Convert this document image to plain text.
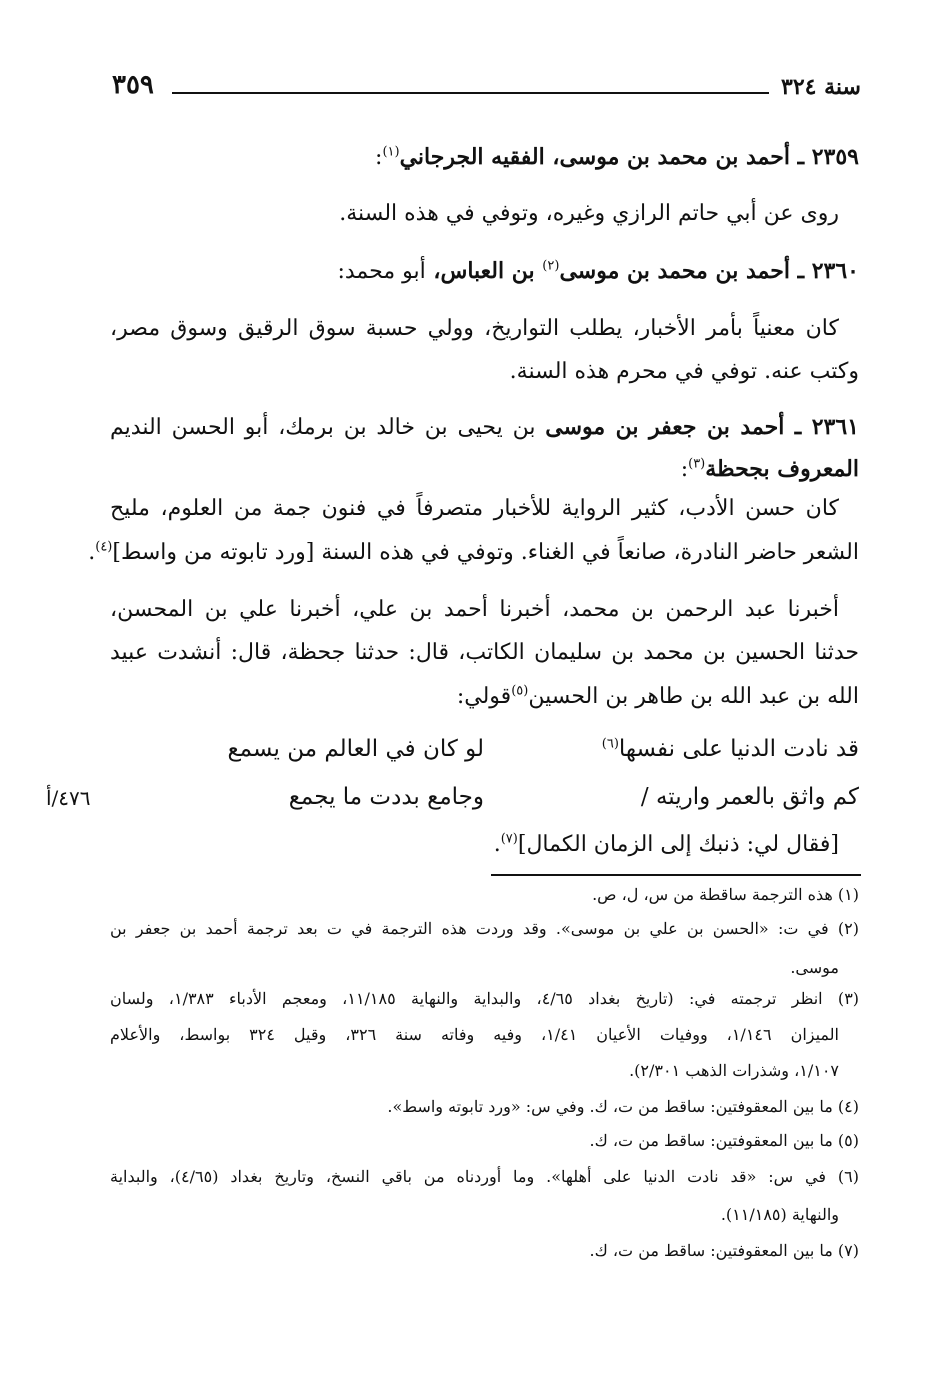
سنة ٣٢٤
٣٥٩
٢٣٥٩ ـ أحمد بن محمد بن موسى، الفقيه الجرجاني$^{(١)}$:
روى عن أبي حاتم الرازي وغيره، وتوفي في هذه السنة.
٢٣٦٠ ـ أحمد بن محمد بن موسى$^{(٢)}$ بن العباس، أبو محمد:
كان معنياً بأمر الأخبار، يطلب التواريخ، وولي حسبة سوق الرقيق وسوق مصر،
وكتب عنه. توفي في محرم هذه السنة.
٢٣٦١ ـ أحمد بن جعفر بن موسى بن يحيى بن خالد بن برمك، أبو الحسن النديم
المعروف بجحظة$^{(٣)}$:
كان حسن الأدب، كثير الرواية للأخبار متصرفاً في فنون جمة من العلوم، مليح
الشعر حاضر النادرة، صانعاً في الغناء. وتوفي في هذه السنة [ورد تابوته من واسط]$^{(٤)}$.
أخبرنا عبد الرحمن بن محمد، أخبرنا أحمد بن علي، أخبرنا علي بن المحسن،
حدثنا الحسين بن محمد بن سليمان الكاتب، قال: حدثنا جحظة، قال: أنشدت عبيد
الله بن عبد الله بن طاهر بن الحسين$^{(٥)}$قولي:
قد نادت الدنيا على نفسها$^{(٦)}$
لو كان في العالم من يسمع
كم واثق بالعمر واريته /
وجامع بددت ما يجمع
٤٧٦/أ
[فقال لي: ذنبك إلى الزمان الكمال]$^{(٧)}$.
(١) هذه الترجمة ساقطة من س، ل، ص.
(٢) في ت: «الحسن بن علي بن موسى». وقد وردت هذه الترجمة في ت بعد ترجمة أحمد بن جعفر بن
موسى.
(٣) انظر ترجمته في: (تاريخ بغداد ٤/٦٥، والبداية والنهاية ١١/١٨٥، ومعجم الأدباء ١/٣٨٣، ولسان
الميزان ١/١٤٦، ووفيات الأعيان ١/٤١، وفيه وفاته سنة ٣٢٦، وقيل ٣٢٤ بواسط، والأعلام
١/١٠٧، وشذرات الذهب ٢/٣٠١).
(٤) ما بين المعقوفتين: ساقط من ت، ك. وفي س: «ورد تابوته واسط».
(٥) ما بين المعقوفتين: ساقط من ت، ك.
(٦) في س: «قد نادت الدنيا على أهلها». وما أوردناه من باقي النسخ، وتاريخ بغداد (٤/٦٥)، والبداية
والنهاية (١١/١٨٥).
(٧) ما بين المعقوفتين: ساقط من ت، ك.
